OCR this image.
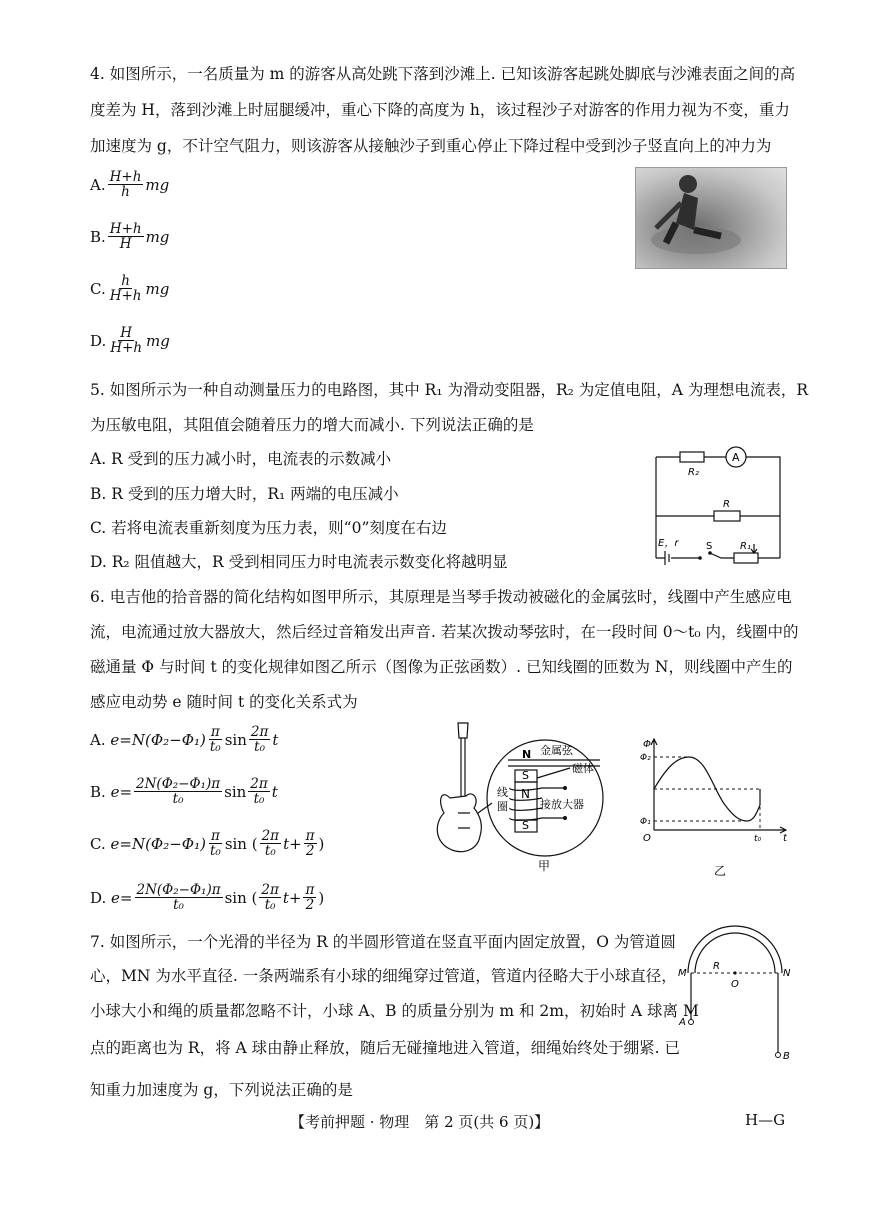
4. 如图所示，一名质量为 m 的游客从高处跳下落到沙滩上. 已知该游客起跳处脚底与沙滩表面之间的高
度差为 H，落到沙滩上时屈腿缓冲，重心下降的高度为 h，该过程沙子对游客的作用力视为不变，重力
加速度为 g，不计空气阻力，则该游客从接触沙子到重心停止下降过程中受到沙子竖直向上的冲力为
A. $\frac{H+h}{h}$ mg
B. $\frac{H+h}{H}$ mg
C. $\frac{h}{H+h}$ mg
D. $\frac{H}{H+h}$ mg
5. 如图所示为一种自动测量压力的电路图，其中 R₁ 为滑动变阻器，R₂ 为定值电阻，A 为理想电流表，R
为压敏电阻，其阻值会随着压力的增大而减小. 下列说法正确的是
A. R 受到的压力减小时，电流表的示数减小
B. R 受到的压力增大时，R₁ 两端的电压减小
C. 若将电流表重新刻度为压力表，则“0”刻度在右边
D. R₂ 阻值越大，R 受到相同压力时电流表示数变化将越明显
R₂
A
R
E，r	S	R₁
6. 电吉他的拾音器的简化结构如图甲所示，其原理是当琴手拨动被磁化的金属弦时，线圈中产生感应电
流，电流通过放大器放大，然后经过音箱发出声音. 若某次拨动琴弦时，在一段时间 0～t₀ 内，线圈中的
磁通量 Φ 与时间 t 的变化规律如图乙所示（图像为正弦函数）. 已知线圈的匝数为 N，则线圈中产生的
感应电动势 e 随时间 t 的变化关系式为
A.
$e=N(\Phi_2-\Phi_1) \frac{\pi}{\text{t₀}}$ $\sin \frac{2\pi}{\text{t₀}}$ t
B.
$e= \frac{\text{2N(Φ₂−Φ₁)π}}{\text{t₀}}$ $\sin \frac{2\pi}{\text{t₀}}$ t
C.
$e=N(\Phi_2-\Phi_1) \frac{\pi}{\text{t₀}}$ sin ( $\frac{2\pi}{\text{t₀}} t+ \frac{\pi}{2}$ )
D.
$e= \frac{\text{2N(Φ₂−Φ₁)π}}{\text{t₀}}$ sin ( $\frac{2\pi}{\text{t₀}} t+ \frac{\pi}{2}$ )
N 金属弦
S
N
S
磁体
线
圈	接放大器
甲
Φ
Φ₂
Φ₁
O	t₀ t
乙
7. 如图所示，一个光滑的半径为 R 的半圆形管道在竖直平面内固定放置，O 为管道圆
心，MN 为水平直径. 一条两端系有小球的细绳穿过管道，管道内径略大于小球直径，
小球大小和绳的质量都忽略不计，小球 A、B 的质量分别为 m 和 2m，初始时 A 球离 M
点的距离也为 R，将 A 球由静止释放，随后无碰撞地进入管道，细绳始终处于绷紧. 已
知重力加速度为 g，下列说法正确的是
M
R
O
N
A
B
【考前押题 · 物理　第 2 页(共 6 页)】	H—G
